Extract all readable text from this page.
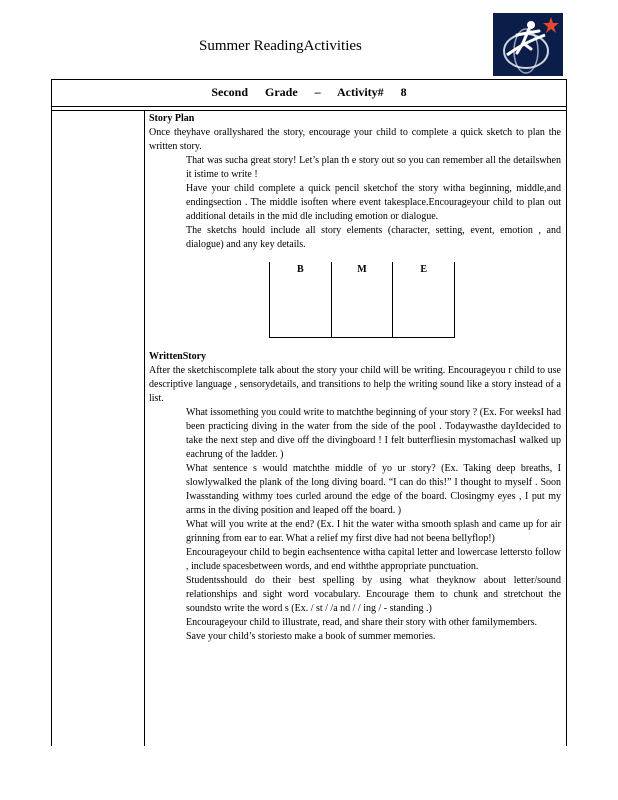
Summer ReadingActivities
Second Grade – Activity# 8
Story Plan

Once theyhave orallyshared the story, encourage your child to complete a quick sketch to plan the written story.

That was sucha great story! Let’s plan th e story out so you can remember all the detailswhen it istime to write !
Have your child complete a quick pencil sketchof the story witha beginning, middle,and endingsection . The middle isoften where event takesplace.Encourageyour child to plan out additional details in the mid dle including emotion or dialogue.
The sketchs hould include all story elements (character, setting, event, emotion , and dialogue) and any key details.
B	M	E
WrittenStory

After the sketchiscomplete talk about the story your child will be writing. Encourageyou r child to use descriptive language , sensorydetails, and transitions to help the writing sound like a story instead of a list.

What issomething you could write to matchthe beginning of your story ? (Ex. For weeksI had been practicing diving in the water from the side of the pool . Todaywasthe dayIdecided to take the next step and dive off the divingboard ! I felt butterfliesin mystomachasI walked up eachrung of the ladder. )
What sentence s would matchthe middle of yo ur story? (Ex. Taking deep breaths, I slowlywalked the plank of the long diving board. “I can do this!” I thought to myself . Soon Iwasstanding withmy toes curled around the edge of the board. Closingmy eyes , I put my arms in the diving position and leaped off the board. )
What will you write at the end? (Ex. I hit the water witha smooth splash and came up for air grinning from ear to ear. What a relief my first dive had not beena bellyflop!)
Encourageyour child to begin eachsentence witha capital letter and lowercase lettersto follow , include spacesbetween words, and end withthe appropriate punctuation.
Studentsshould do their best spelling by using what theyknow about letter/sound relationships and sight word vocabulary. Encourage them to chunk and stretchout the soundsto write the word s (Ex. / st / /a nd / / ing / - standing .)
Encourageyour child to illustrate, read, and share their story with other familymembers.
Save your child’s storiesto make a book of summer memories.
